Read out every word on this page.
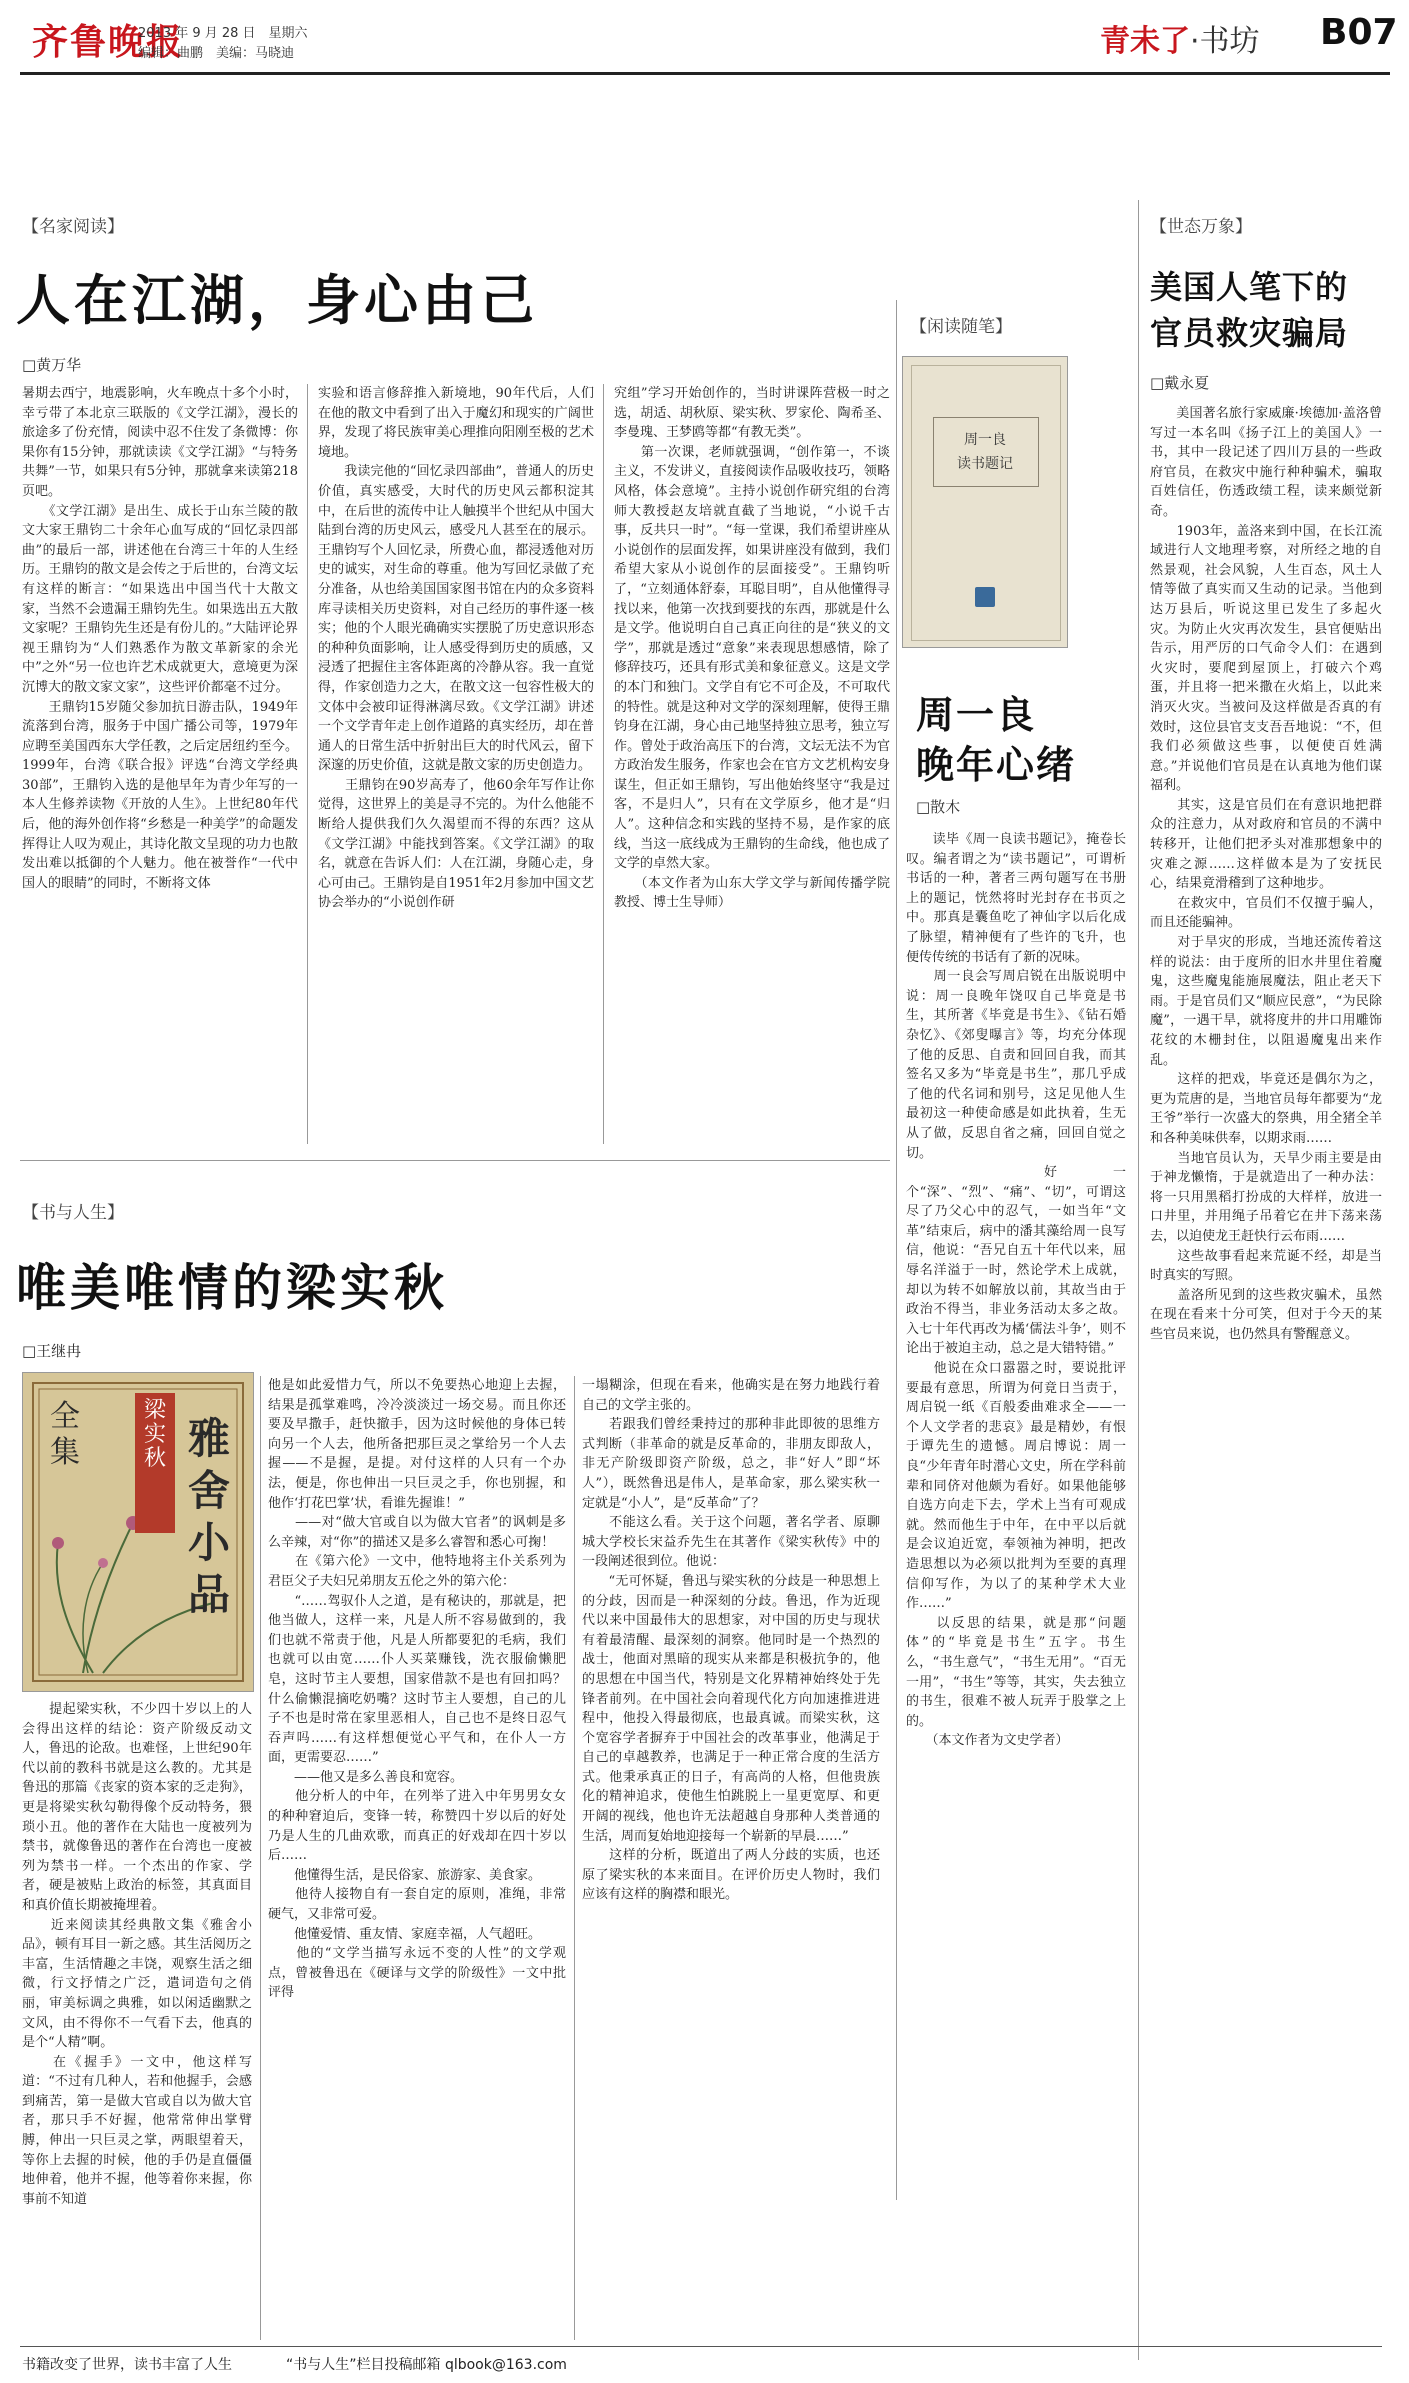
齐鲁晚报
2013 年 9 月 28 日　星期六
编辑：曲鹏　美编：马晓迪	青未了·书坊 B07
【名家阅读】
人在江湖，身心由己
□黄万华
暑期去西宁，地震影响，火车晚点十多个小时，幸亏带了本北京三联版的《文学江湖》，漫长的旅途多了份充情，阅读中忍不住发了条微博：你果你有15分钟，那就读读《文学江湖》“与特务共舞”一节，如果只有5分钟，那就拿来读第218页吧。
　　《文学江湖》是出生、成长于山东兰陵的散文大家王鼎钧二十余年心血写成的“回忆录四部曲”的最后一部，讲述他在台湾三十年的人生经历。王鼎钧的散文是会传之于后世的，台湾文坛有这样的断言：“如果选出中国当代十大散文家，当然不会遗漏王鼎钧先生。如果选出五大散文家呢？王鼎钧先生还是有份儿的。”大陆评论界视王鼎钧为“人们熟悉作为散文革新家的余光中”之外“另一位也许艺术成就更大，意境更为深沉博大的散文家文家”，这些评价都毫不过分。
　　王鼎钧15岁随父参加抗日游击队，1949年流落到台湾，服务于中国广播公司等，1979年应聘至美国西东大学任教，之后定居纽约至今。1999年，台湾《联合报》评选“台湾文学经典30部”，王鼎钧入选的是他早年为青少年写的一本人生修养读物《开放的人生》。上世纪80年代后，他的海外创作将“乡愁是一种美学”的命题发挥得让人叹为观止，其诗化散文呈现的功力也散发出难以抵御的个人魅力。他在被誉作“一代中国人的眼睛”的同时，不断将文体
实验和语言修辞推入新境地，90年代后，人们在他的散文中看到了出入于魔幻和现实的广阔世界，发现了将民族审美心理推向阳刚至极的艺术境地。
　　我读完他的“回忆录四部曲”，普通人的历史价值，真实感受，大时代的历史风云都积淀其中，在后世的流传中让人触摸半个世纪从中国大陆到台湾的历史风云，感受凡人甚至在的展示。王鼎钧写个人回忆录，所费心血，都浸透他对历史的诚实，对生命的尊重。他为写回忆录做了充分准备，从也给美国国家图书馆在内的众多资料库寻读相关历史资料，对自己经历的事件逐一核实；他的个人眼光确确实实摆脱了历史意识形态的种种负面影响，让人感受得到历史的质感，又浸透了把握住主客体距离的冷静从容。我一直觉得，作家创造力之大，在散文这一包容性极大的文体中会被印证得淋漓尽致。《文学江湖》讲述一个文学青年走上创作道路的真实经历，却在普通人的日常生活中折射出巨大的时代风云，留下深邃的历史价值，这就是散文家的历史创造力。
　　王鼎钧在90岁高寿了，他60余年写作让你觉得，这世界上的美是寻不完的。为什么他能不断给人提供我们久久渴望而不得的东西？这从《文学江湖》中能找到答案。《文学江湖》的取名，就意在告诉人们：人在江湖，身随心走，身心可由己。王鼎钧是自1951年2月参加中国文艺协会举办的“小说创作研
究组”学习开始创作的，当时讲课阵营极一时之选，胡适、胡秋原、梁实秋、罗家伦、陶希圣、李曼瑰、王梦鸥等都“有教无类”。
　　第一次课，老师就强调，“创作第一，不谈主义，不发讲义，直接阅读作品吸收技巧，领略风格，体会意境”。主持小说创作研究组的台湾师大教授赵友培就直截了当地说，“小说千古事，反共只一时”。“每一堂课，我们希望讲座从小说创作的层面发挥，如果讲座没有做到，我们希望大家从小说创作的层面接受”。王鼎钧听了，“立刻通体舒泰，耳聪目明”，自从他懂得寻找以来，他第一次找到要找的东西，那就是什么是文学。他说明白自己真正向往的是“狭义的文学”，那就是透过“意象”来表现思想感情，除了修辞技巧，还具有形式美和象征意义。这是文学的本门和独门。文学自有它不可企及，不可取代的特性。就是这种对文学的深刻理解，使得王鼎钧身在江湖，身心由己地坚持独立思考，独立写作。曾处于政治高压下的台湾，文坛无法不为官方政治发生服务，作家也会在官方文艺机构安身谋生，但正如王鼎钧，写出他始终坚守“我是过客，不是归人”，只有在文学原乡，他才是“归人”。这种信念和实践的坚持不易，是作家的底线，当这一底线成为王鼎钧的生命线，他也成了文学的卓然大家。
　　（本文作者为山东大学文学与新闻传播学院教授、博士生导师）
【书与人生】
唯美唯情的梁实秋
□王继冉
梁实秋 雅舍小品
全集
　　提起梁实秋，不少四十岁以上的人会得出这样的结论：资产阶级反动文人，鲁迅的论敌。也难怪，上世纪90年代以前的教科书就是这么教的。尤其是鲁迅的那篇《丧家的资本家的乏走狗》，更是将梁实秋勾勒得像个反动特务，猥琐小丑。他的著作在大陆也一度被列为禁书，就像鲁迅的著作在台湾也一度被列为禁书一样。一个杰出的作家、学者，硬是被贴上政治的标签，其真面目和真价值长期被掩埋着。
　　近来阅读其经典散文集《雅舍小品》，顿有耳目一新之感。其生活阅历之丰富，生活情趣之丰饶，观察生活之细微，行文抒情之广泛，遣词造句之俏丽，审美标调之典雅，如以闲适幽默之文风，由不得你不一气看下去，他真的是个“人精”啊。
　　在《握手》一文中，他这样写道：“不过有几种人，若和他握手，会感到痛苦，第一是做大官或自以为做大官者，那只手不好握，他常常伸出掌臂膊，伸出一只巨灵之掌，两眼望着天，等你上去握的时候，他的手仍是直僵僵地伸着，他并不握，他等着你来握，你事前不知道
他是如此爱惜力气，所以不免要热心地迎上去握，结果是孤掌难鸣，冷冷淡淡过一场交易。而且你还要及早撒手，赶快撤手，因为这时候他的身体已转向另一个人去，他所备把那巨灵之掌给另一个人去握——不是握，是提。对付这样的人只有一个办法，便是，你也伸出一只巨灵之手，你也别握，和他作‘打花巴掌’状，看谁先握谁！”
　　——对“做大官或自以为做大官者”的讽刺是多么辛辣，对“你”的描述又是多么睿智和悉心可掬！
　　在《第六伦》一文中，他特地将主仆关系列为君臣父子夫妇兄弟朋友五伦之外的第六伦：
　　“……驾驭仆人之道，是有秘诀的，那就是，把他当做人，这样一来，凡是人所不容易做到的，我们也就不常责于他，凡是人所都要犯的毛病，我们也就可以由宽……仆人买菜赚钱，洗衣服偷懒肥皂，这时节主人要想，国家借款不是也有回扣吗？什么偷懒混摘吃奶嘴？这时节主人要想，自己的儿子不也是时常在家里恶相人，自己也不是终日忍气吞声吗……有这样想便觉心平气和，在仆人一方面，更需要忍……”
　　——他又是多么善良和宽容。
　　他分析人的中年，在列举了进入中年男男女女的种种窘迫后，变锋一转，称赞四十岁以后的好处乃是人生的几曲欢歌，而真正的好戏却在四十岁以后……
　　他懂得生活，是民俗家、旅游家、美食家。
　　他待人接物自有一套自定的原则，准绳，非常硬气，又非常可爱。
　　他懂爱情、重友情、家庭幸福，人气超旺。
　　他的“文学当描写永远不变的人性”的文学观点，曾被鲁迅在《硬译与文学的阶级性》一文中批评得
一塌糊涂，但现在看来，他确实是在努力地践行着自己的文学主张的。
　　若跟我们曾经秉持过的那种非此即彼的思维方式判断（非革命的就是反革命的，非朋友即敌人，非无产阶级即资产阶级，总之，非“好人”即“坏人”），既然鲁迅是伟人，是革命家，那么梁实秋一定就是“小人”，是“反革命”了？
　　不能这么看。关于这个问题，著名学者、原聊城大学校长宋益乔先生在其著作《梁实秋传》中的一段阐述很到位。他说：
　　“无可怀疑，鲁迅与梁实秋的分歧是一种思想上的分歧，因而是一种深刻的分歧。鲁迅，作为近现代以来中国最伟大的思想家，对中国的历史与现状有着最清醒、最深刻的洞察。他同时是一个热烈的战士，他面对黑暗的现实从来都是积极抗争的，他的思想在中国当代，特别是文化界精神始终处于先锋者前列。在中国社会向着现代化方向加速推进进程中，他投入得最彻底，也最真诚。而梁实秋，这个宽容学者摒弃于中国社会的改革事业，他满足于自己的卓越教养，也满足于一种正常合度的生活方式。他秉承真正的日子，有高尚的人格，但他贵族化的精神追求，使他生怕跳脱上一星更宽厚、和更开阔的视线，他也许无法超越自身那种人类普通的生活，周而复始地迎接每一个崭新的早晨……”
　　这样的分析，既道出了两人分歧的实质，也还原了梁实秋的本来面目。在评价历史人物时，我们应该有这样的胸襟和眼光。
【闲读随笔】
周一良
读书题记
周一良
晚年心绪
□散木
　　读毕《周一良读书题记》，掩卷长叹。编者谓之为“读书题记”，可谓析书话的一种，著者三两句题写在书册上的题记，恍然将时光封存在书页之中。那真是囊鱼吃了神仙字以后化成了脉望，精神便有了些许的飞升，也便传传统的书话有了新的况味。
　　周一良会写周启锐在出版说明中说：周一良晚年饶叹自己毕竟是书生，其所著《毕竟是书生》、《钻石婚杂忆》、《郊叟曝言》等，均充分体现了他的反思、自责和回回自我，而其签名又多为“毕竟是书生”，那几乎成了他的代名词和别号，这足见他人生最初这一种使命感是如此执着，生无从了做，反思自省之痛，回回自觉之切。
　　好一个“深”、“烈”、“痛”、“切”，可谓这尽了乃父心中的忍气，一如当年“文革”结束后，病中的潘其藻给周一良写信，他说：“吾兄自五十年代以来，屈辱名洋溢于一时，然论学术上成就，却以为转不如解放以前，其故当由于政治不得当，非业务活动太多之故。入七十年代再改为橘‘儒法斗争’，则不论出于被迫主动，总之是大错特错。”
　　他说在众口嚣嚣之时，要说批评要最有意思，所谓为何竟日当责于，周启锐一纸《百般委曲难求全——一个人文学者的悲哀》最是精妙，有恨于谭先生的遗憾。周启博说：周一良“少年青年时潜心文史，所在学科前辈和同侪对他颇为看好。如果他能够自选方向走下去，学术上当有可观成就。然而他生于中年，在中平以后就是会议迫近宽，奉领袖为神明，把改造思想以为必须以批判为至要的真理信仰写作，为以了的某种学术大业作……”
　　以反思的结果，就是那“问题体”的“毕竟是书生”五字。书生么，“书生意气”，“书生无用”。“百无一用”，“书生”等等，其实，失去独立的书生，很难不被人玩弄于股掌之上的。
　　（本文作者为文史学者）
【世态万象】
美国人笔下的
官员救灾骗局
□戴永夏
　　美国著名旅行家威廉·埃德加·盖洛曾写过一本名叫《扬子江上的美国人》一书，其中一段记述了四川万县的一些政府官员，在救灾中施行种种骗术，骗取百姓信任，伤透政绩工程，读来颇觉新奇。
　　1903年，盖洛来到中国，在长江流域进行人文地理考察，对所经之地的自然景观，社会风貌，人生百态，风土人情等做了真实而又生动的记录。当他到达万县后，听说这里已发生了多起火灾。为防止火灾再次发生，县官便贴出告示，用严厉的口气命令人们：在遇到火灾时，要爬到屋顶上，打破六个鸡蛋，并且将一把米撒在火焰上，以此来消灭火灾。当被问及这样做是否真的有效时，这位县官支支吾吾地说：“不，但我们必须做这些事，以便使百姓满意。”并说他们官员是在认真地为他们谋福利。
　　其实，这是官员们在有意识地把群众的注意力，从对政府和官员的不满中转移开，让他们把矛头对准那想象中的灾难之源……这样做本是为了安抚民心，结果竟滑稽到了这种地步。
　　在救灾中，官员们不仅擅于骗人，而且还能骗神。
　　对于旱灾的形成，当地还流传着这样的说法：由于度所的旧水井里住着魔鬼，这些魔鬼能施展魔法，阻止老天下雨。于是官员们又“顺应民意”，“为民除魔”，一遇干旱，就将度井的井口用雕饰花纹的木栅封住，以阻遏魔鬼出来作乱。
　　这样的把戏，毕竟还是偶尔为之，更为荒唐的是，当地官员每年都要为“龙王爷”举行一次盛大的祭典，用全猪全羊和各种美味供奉，以期求雨……
　　当地官员认为，天旱少雨主要是由于神龙懒惰，于是就造出了一种办法：将一只用黑稻打扮成的大样样，放进一口井里，并用绳子吊着它在井下荡来荡去，以迫使龙王赶快行云布雨……
　　这些故事看起来荒诞不经，却是当时真实的写照。
　　盖洛所见到的这些救灾骗术，虽然在现在看来十分可笑，但对于今天的某些官员来说，也仍然具有警醒意义。
书籍改变了世界，读书丰富了人生	“书与人生”栏目投稿邮箱 qlbook@163.com
